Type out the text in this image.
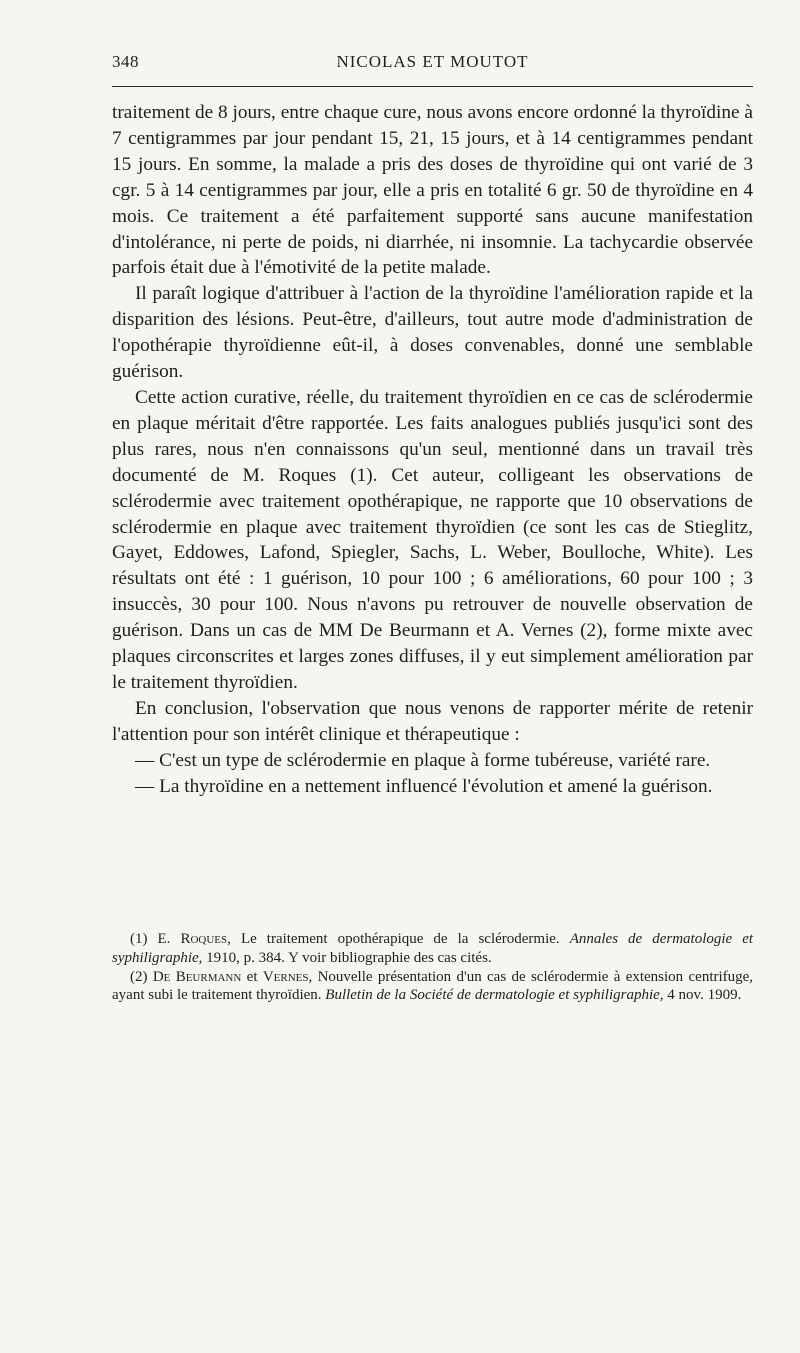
348	NICOLAS ET MOUTOT

traitement de 8 jours, entre chaque cure, nous avons encore ordonné la thyroïdine à 7 centigrammes par jour pendant 15, 21, 15 jours, et à 14 centigrammes pendant 15 jours. En somme, la malade a pris des doses de thyroïdine qui ont varié de 3 cgr. 5 à 14 centigrammes par jour, elle a pris en totalité 6 gr. 50 de thyroïdine en 4 mois. Ce traitement a été parfaitement supporté sans aucune manifestation d'intolérance, ni perte de poids, ni diarrhée, ni insomnie. La tachycardie observée parfois était due à l'émotivité de la petite malade.

Il paraît logique d'attribuer à l'action de la thyroïdine l'amélioration rapide et la disparition des lésions. Peut-être, d'ailleurs, tout autre mode d'administration de l'opothérapie thyroïdienne eût-il, à doses convenables, donné une semblable guérison.

Cette action curative, réelle, du traitement thyroïdien en ce cas de sclérodermie en plaque méritait d'être rapportée. Les faits analogues publiés jusqu'ici sont des plus rares, nous n'en connaissons qu'un seul, mentionné dans un travail très documenté de M. Roques (1). Cet auteur, colligeant les observations de sclérodermie avec traitement opothérapique, ne rapporte que 10 observations de sclérodermie en plaque avec traitement thyroïdien (ce sont les cas de Stieglitz, Gayet, Eddowes, Lafond, Spiegler, Sachs, L. Weber, Boulloche, White). Les résultats ont été : 1 guérison, 10 pour 100 ; 6 améliorations, 60 pour 100 ; 3 insuccès, 30 pour 100. Nous n'avons pu retrouver de nouvelle observation de guérison. Dans un cas de MM De Beurmann et A. Vernes (2), forme mixte avec plaques circonscrites et larges zones diffuses, il y eut simplement amélioration par le traitement thyroïdien.

En conclusion, l'observation que nous venons de rapporter mérite de retenir l'attention pour son intérêt clinique et thérapeutique :

— C'est un type de sclérodermie en plaque à forme tubéreuse, variété rare.

— La thyroïdine en a nettement influencé l'évolution et amené la guérison.

(1) E. Roques, Le traitement opothérapique de la sclérodermie. Annales de dermatologie et syphiligraphie, 1910, p. 384. Y voir bibliographie des cas cités.

(2) De Beurmann et Vernes, Nouvelle présentation d'un cas de sclérodermie à extension centrifuge, ayant subi le traitement thyroïdien. Bulletin de la Société de dermatologie et syphiligraphie, 4 nov. 1909.
